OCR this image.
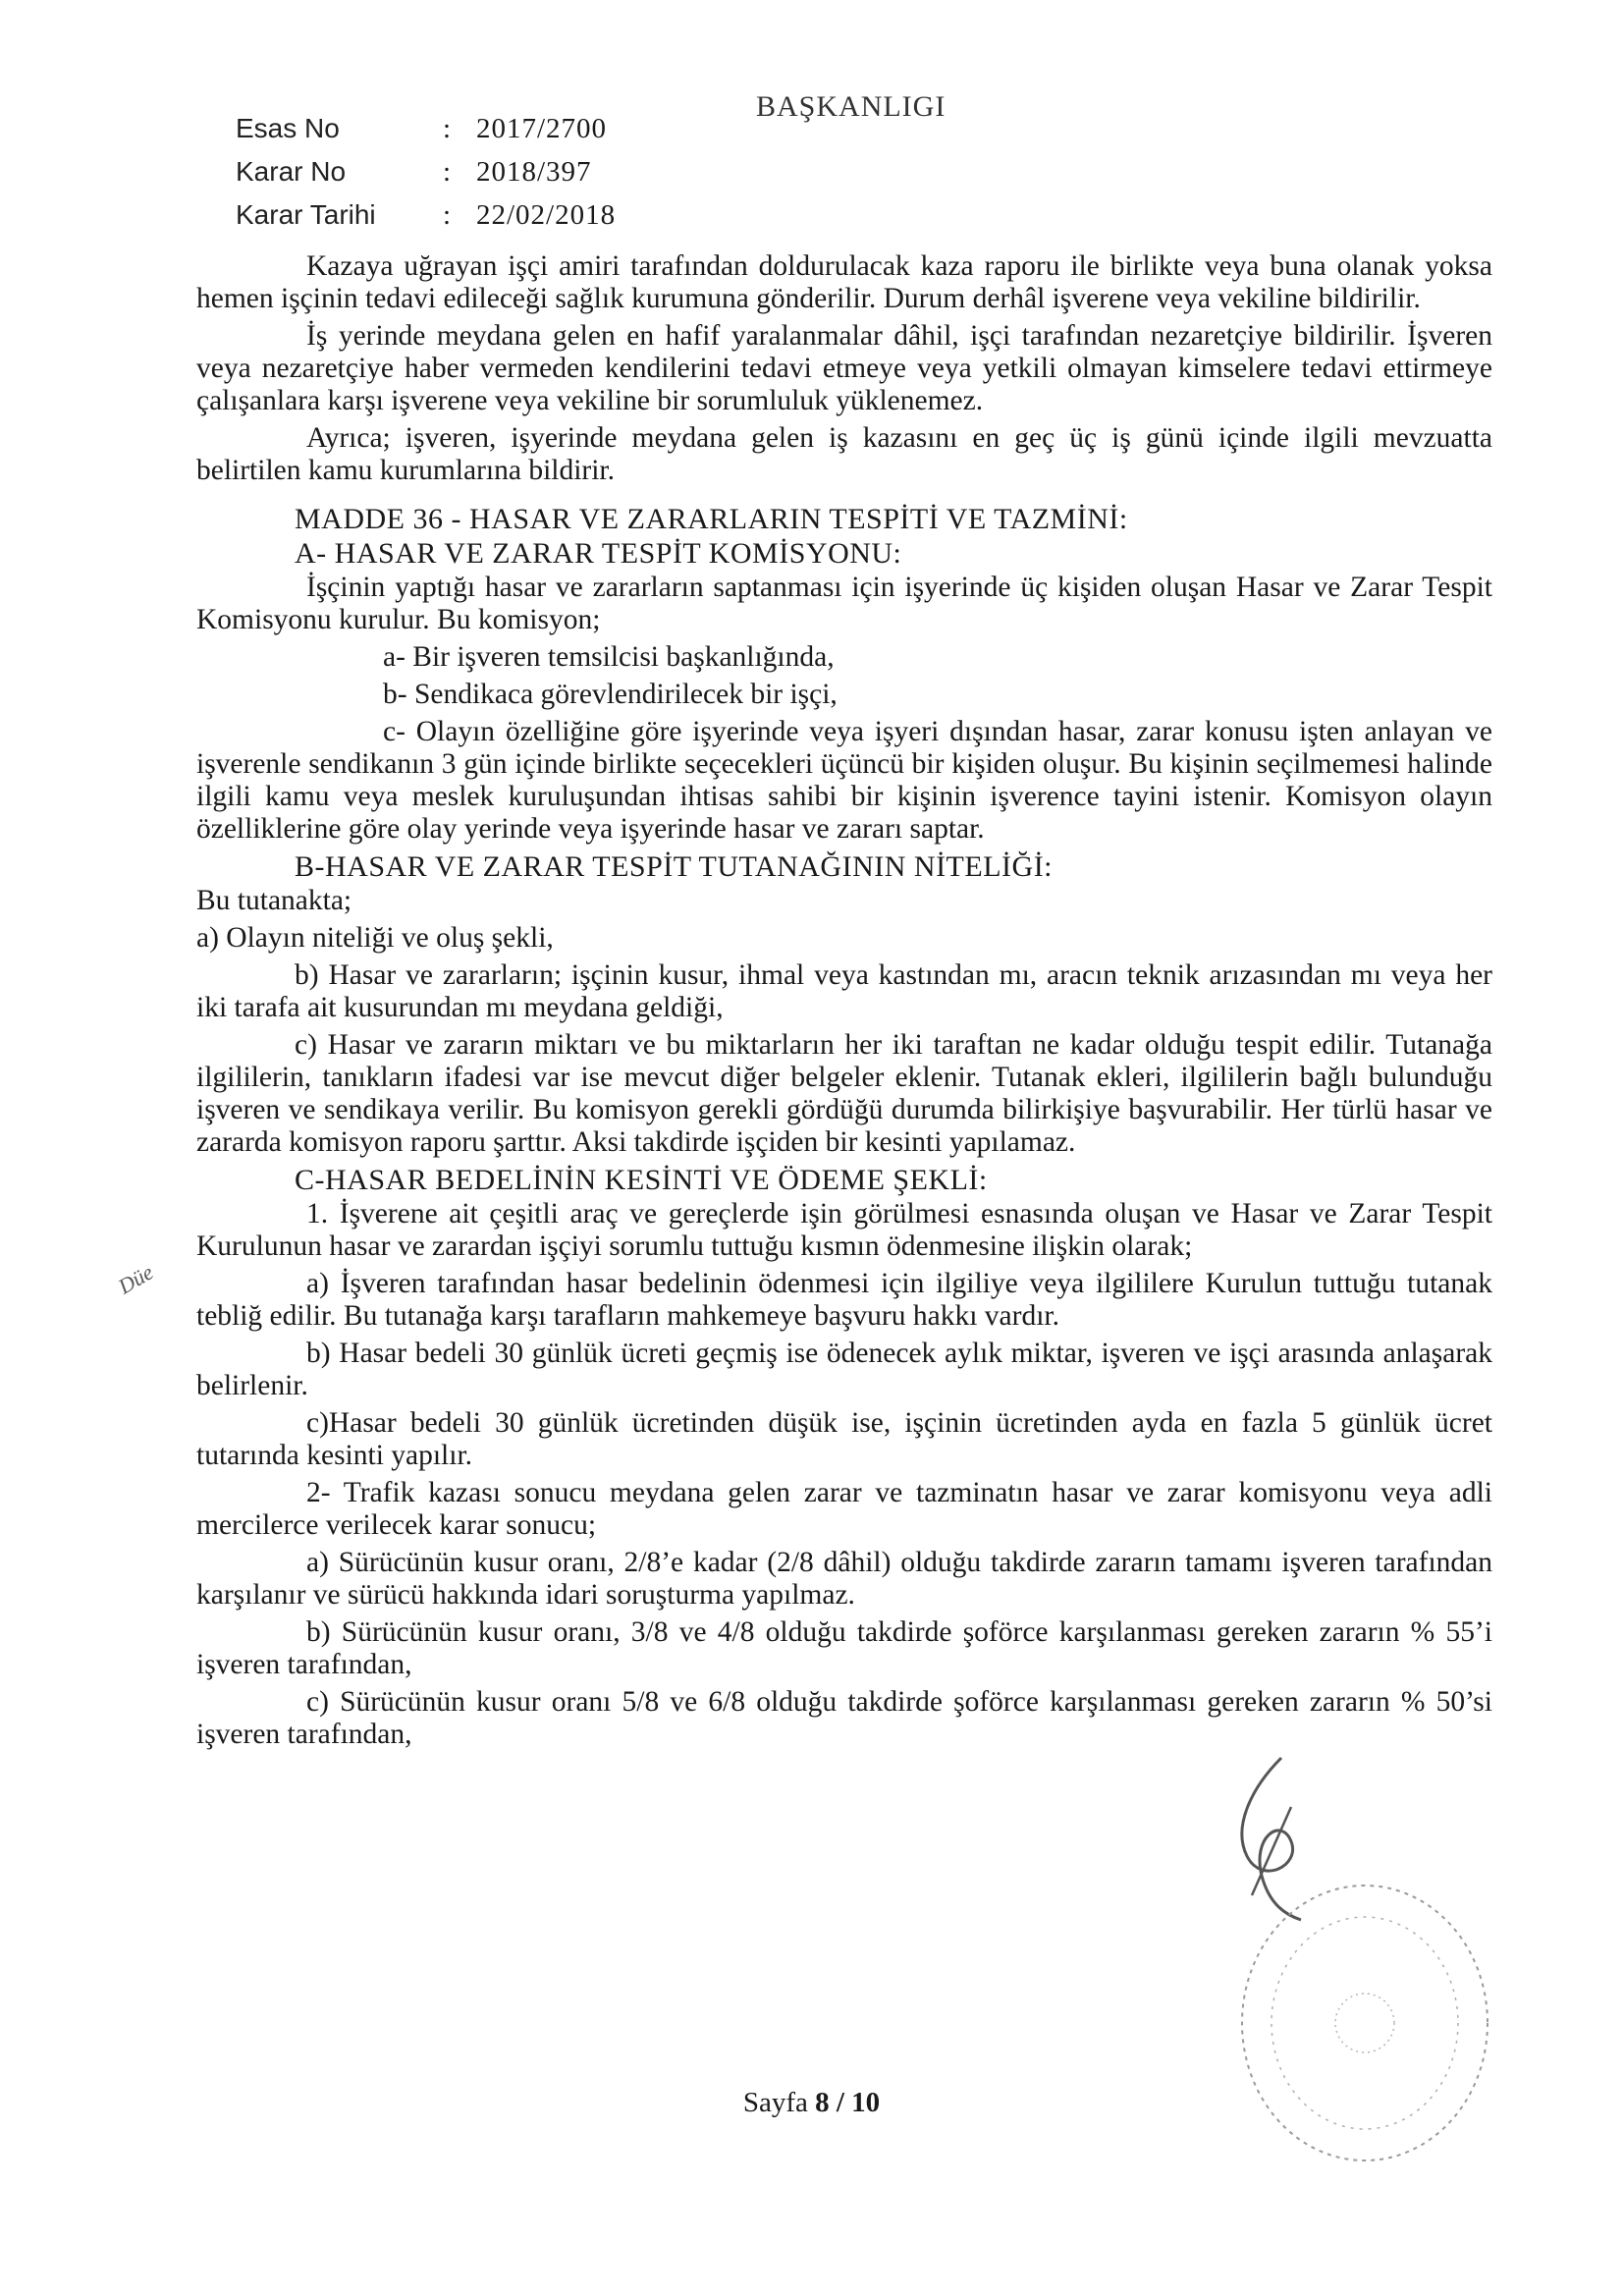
BAŞKANLIGI
Esas No	: 2017/2700
Karar No	: 2018/397
Karar Tarihi	: 22/02/2018

Kazaya uğrayan işçi amiri tarafından doldurulacak kaza raporu ile birlikte veya buna olanak yoksa hemen işçinin tedavi edileceği sağlık kurumuna gönderilir. Durum derhâl işverene veya vekiline bildirilir.

İş yerinde meydana gelen en hafif yaralanmalar dâhil, işçi tarafından nezaretçiye bildirilir. İşveren veya nezaretçiye haber vermeden kendilerini tedavi etmeye veya yetkili olmayan kimselere tedavi ettirmeye çalışanlara karşı işverene veya vekiline bir sorumluluk yüklenemez.

Ayrıca; işveren, işyerinde meydana gelen iş kazasını en geç üç iş günü içinde ilgili mevzuatta belirtilen kamu kurumlarına bildirir.

MADDE 36 - HASAR VE ZARARLARIN TESPİTİ VE TAZMİNİ:
A- HASAR VE ZARAR TESPİT KOMİSYONU:

İşçinin yaptığı hasar ve zararların saptanması için işyerinde üç kişiden oluşan Hasar ve Zarar Tespit Komisyonu kurulur. Bu komisyon;

a- Bir işveren temsilcisi başkanlığında,

b- Sendikaca görevlendirilecek bir işçi,

c- Olayın özelliğine göre işyerinde veya işyeri dışından hasar, zarar konusu işten anlayan ve işverenle sendikanın 3 gün içinde birlikte seçecekleri üçüncü bir kişiden oluşur. Bu kişinin seçilmemesi halinde ilgili kamu veya meslek kuruluşundan ihtisas sahibi bir kişinin işverence tayini istenir. Komisyon olayın özelliklerine göre olay yerinde veya işyerinde hasar ve zararı saptar.

B-HASAR VE ZARAR TESPİT TUTANAĞININ NİTELİĞİ:

Bu tutanakta;

a) Olayın niteliği ve oluş şekli,

b) Hasar ve zararların; işçinin kusur, ihmal veya kastından mı, aracın teknik arızasından mı veya her iki tarafa ait kusurundan mı meydana geldiği,

c) Hasar ve zararın miktarı ve bu miktarların her iki taraftan ne kadar olduğu tespit edilir. Tutanağa ilgililerin, tanıkların ifadesi var ise mevcut diğer belgeler eklenir. Tutanak ekleri, ilgililerin bağlı bulunduğu işveren ve sendikaya verilir. Bu komisyon gerekli gördüğü durumda bilirkişiye başvurabilir. Her türlü hasar ve zararda komisyon raporu şarttır. Aksi takdirde işçiden bir kesinti yapılamaz.

C-HASAR BEDELİNİN KESİNTİ VE ÖDEME ŞEKLİ:

1. İşverene ait çeşitli araç ve gereçlerde işin görülmesi esnasında oluşan ve Hasar ve Zarar Tespit Kurulunun hasar ve zarardan işçiyi sorumlu tuttuğu kısmın ödenmesine ilişkin olarak;

a) İşveren tarafından hasar bedelinin ödenmesi için ilgiliye veya ilgililere Kurulun tuttuğu tutanak tebliğ edilir. Bu tutanağa karşı tarafların mahkemeye başvuru hakkı vardır.

b) Hasar bedeli 30 günlük ücreti geçmiş ise ödenecek aylık miktar, işveren ve işçi arasında anlaşarak belirlenir.

c)Hasar bedeli 30 günlük ücretinden düşük ise, işçinin ücretinden ayda en fazla 5 günlük ücret tutarında kesinti yapılır.

2- Trafik kazası sonucu meydana gelen zarar ve tazminatın hasar ve zarar komisyonu veya adli mercilerce verilecek karar sonucu;

a) Sürücünün kusur oranı, 2/8’e kadar (2/8 dâhil) olduğu takdirde zararın tamamı işveren tarafından karşılanır ve sürücü hakkında idari soruşturma yapılmaz.

b) Sürücünün kusur oranı, 3/8 ve 4/8 olduğu takdirde şoförce karşılanması gereken zararın % 55’i işveren tarafından,

c) Sürücünün kusur oranı 5/8 ve 6/8 olduğu takdirde şoförce karşılanması gereken zararın % 50’si işveren tarafından,

Düe
Sayfa 8 / 10
